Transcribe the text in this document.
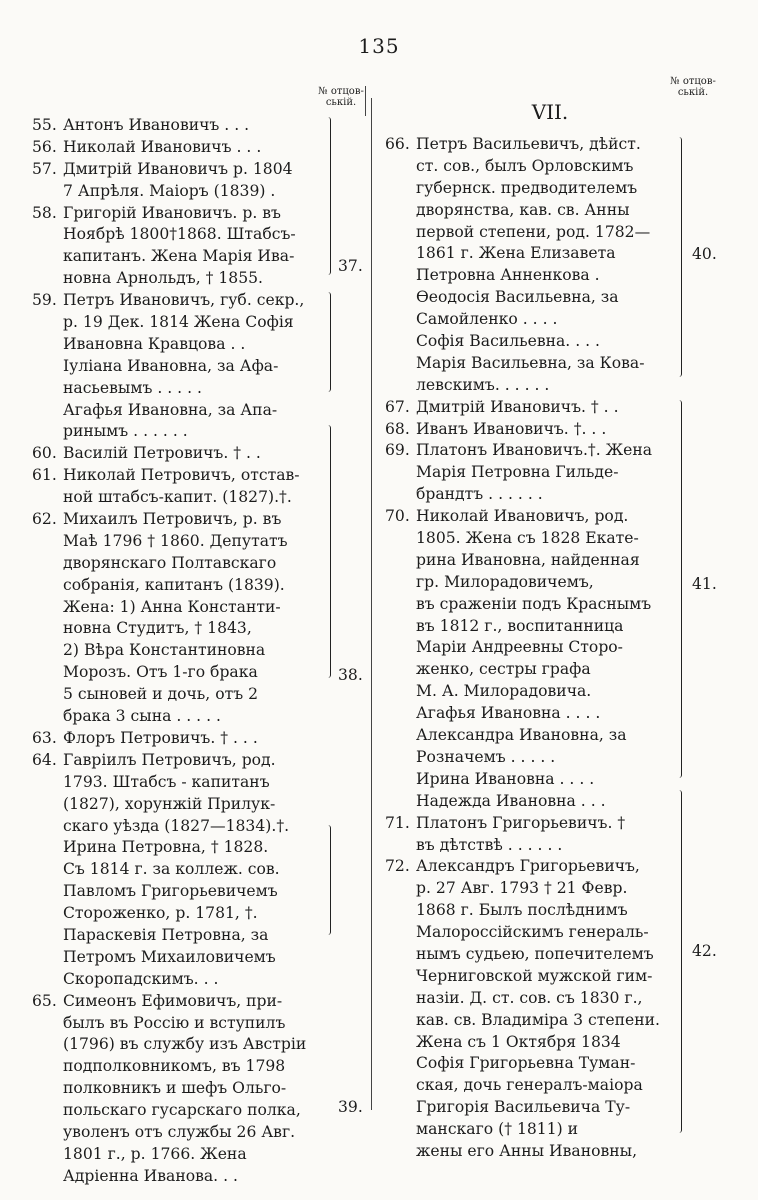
135
№ отцов-ській.
№ отцов-ській.
VII.
55. Антонъ Ивановичъ . . .
56. Николай Ивановичъ . . .
57. Дмитрій Ивановичъ р. 1804
7 Апрѣля. Маіоръ (1839) .
58. Григорій Ивановичъ. р. въ
Ноябрѣ 1800†1868. Штабсъ-
капитанъ. Жена Марія Ива-
новна Арнольдъ, † 1855.
59. Петръ Ивановичъ, губ. секр.,
р. 19 Дек. 1814 Жена Софія
Ивановна Кравцова . .
Іуліана Ивановна, за Афа-
насьевымъ . . . . .
Агафья Ивановна, за Апа-
ринымъ . . . . . .
60. Василій Петровичъ. † . .
61. Николай Петровичъ, отстав-
ной штабсъ-капит. (1827).†.
62. Михаилъ Петровичъ, р. въ
Маѣ 1796 † 1860. Депутатъ
дворянскаго Полтавскаго
собранія, капитанъ (1839).
Жена: 1) Анна Константи-
новна Студитъ, † 1843,
2) Вѣра Константиновна
Морозъ. Отъ 1-го брака
5 сыновей и дочь, отъ 2
брака 3 сына . . . . .
63. Флоръ Петровичъ. † . . .
64. Гавріилъ Петровичъ, род.
1793. Штабсъ - капитанъ
(1827), хорунжій Прилук-
скаго уѣзда (1827—1834).†.
Ирина Петровна, † 1828.
Съ 1814 г. за коллеж. сов.
Павломъ Григорьевичемъ
Стороженко, р. 1781, †.
Параскевія Петровна, за
Петромъ Михаиловичемъ
Скоропадскимъ. . .
65. Симеонъ Ефимовичъ, при-
былъ въ Россію и вступилъ
(1796) въ службу изъ Австріи
подполковникомъ, въ 1798
полковникъ и шефъ Ольго-
польскаго гусарскаго полка,
уволенъ отъ службы 26 Авг.
1801 г., р. 1766. Жена
Адріенна Иванова. . .
66. Петръ Васильевичъ, дѣйст.
ст. сов., былъ Орловскимъ
губернск. предводителемъ
дворянства, кав. св. Анны
первой степени, род. 1782—
1861 г. Жена Елизавета
Петровна Анненкова .
Ѳеодосія Васильевна, за
Самойленко . . . .
Софія Васильевна. . . .
Марія Васильевна, за Кова-
левскимъ. . . . . .
67. Дмитрій Ивановичъ. † . .
68. Иванъ Ивановичъ. †. . .
69. Платонъ Ивановичъ.†. Жена
Марія Петровна Гильде-
брандтъ . . . . . .
70. Николай Ивановичъ, род.
1805. Жена съ 1828 Екате-
рина Ивановна, найденная
гр. Милорадовичемъ,
въ сраженіи подъ Краснымъ
въ 1812 г., воспитанница
Маріи Андреевны Сторо-
женко, сестры графа
М. А. Милорадовича.
Агафья Ивановна . . . .
Александра Ивановна, за
Розначемъ . . . . .
Ирина Ивановна . . . .
Надежда Ивановна . . .
71. Платонъ Григорьевичъ. †
въ дѣтствѣ . . . . . .
72. Александръ Григорьевичъ,
р. 27 Авг. 1793 † 21 Февр.
1868 г. Былъ послѣднимъ
Малороссійскимъ генераль-
нымъ судьею, попечителемъ
Черниговской мужской гим-
назіи. Д. ст. сов. съ 1830 г.,
кав. св. Владиміра 3 степени.
Жена съ 1 Октября 1834
Софія Григорьевна Туман-
ская, дочь генералъ-маіора
Григорія Васильевича Ту-
манскаго († 1811) и
жены его Анны Ивановны,
37.
38.
39.
40.
41.
42.
